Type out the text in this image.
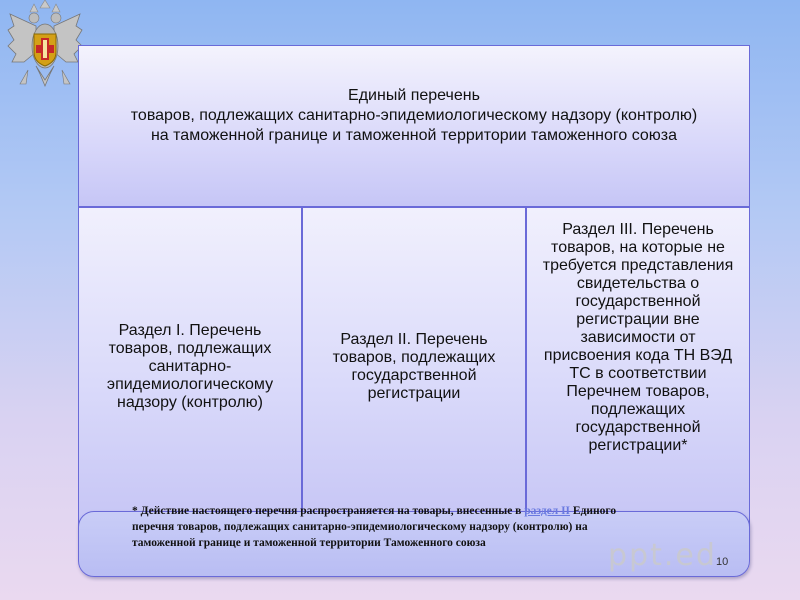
Единый перечень
товаров, подлежащих санитарно-эпидемиологическому надзору (контролю)
на таможенной границе и таможенной территории таможенного союза
Раздел I. Перечень товаров, подлежащих санитарно-эпидемиологическому надзору (контролю)
Раздел II. Перечень товаров, подлежащих государственной регистрации
Раздел III. Перечень товаров, на которые не требуется представления свидетельства о государственной регистрации вне зависимости от присвоения кода ТН ВЭД ТС в соответствии Перечнем товаров, подлежащих государственной регистрации*
* Действие настоящего перечня распространяется на товары, внесенные в раздел II Единого перечня товаров, подлежащих санитарно-эпидемиологическому надзору (контролю) на таможенной границе и таможенной территории Таможенного союза	ppt.ed 10
